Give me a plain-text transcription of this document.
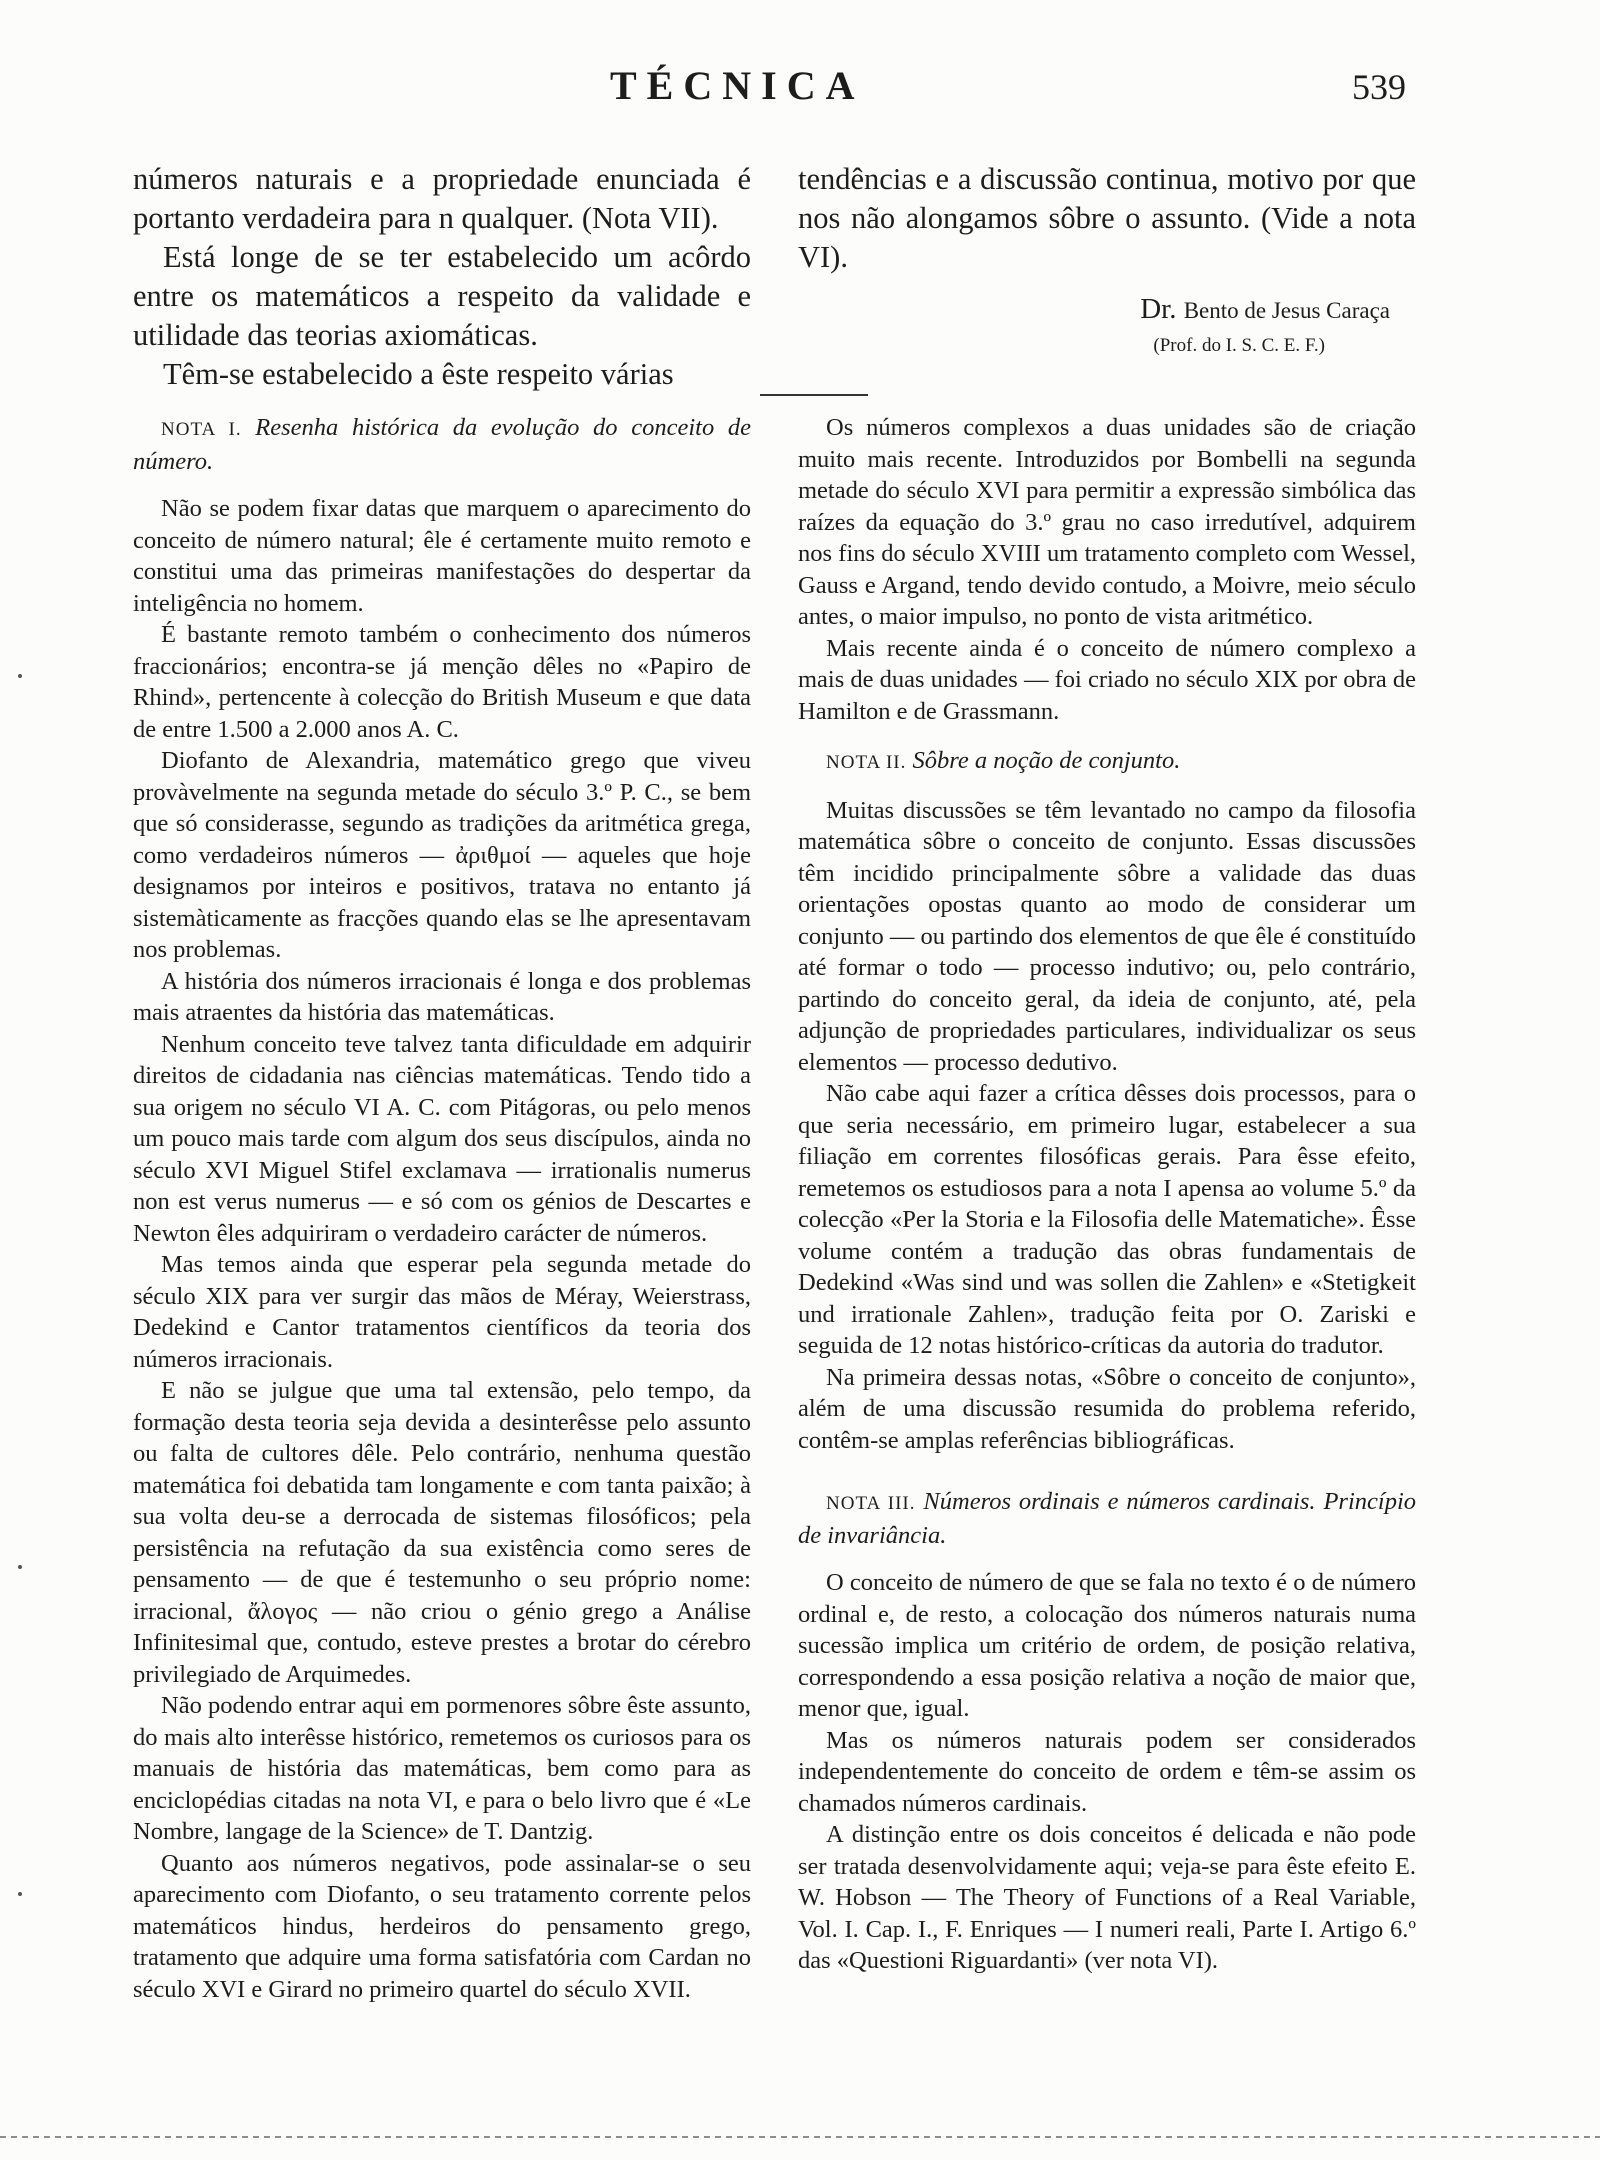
TÉCNICA	539

números naturais e a propriedade enunciada é portanto verdadeira para n qualquer. (Nota VII).

Está longe de se ter estabelecido um acôrdo entre os matemáticos a respeito da validade e utilidade das teorias axiomáticas.

Têm-se estabelecido a êste respeito várias

tendências e a discussão continua, motivo por que nos não alongamos sôbre o assunto. (Vide a nota VI).

Dr. Bento de Jesus Caraça
(Prof. do I. S. C. E. F.)

NOTA I. Resenha histórica da evolução do conceito de número.

Não se podem fixar datas que marquem o aparecimento do conceito de número natural; êle é certamente muito remoto e constitui uma das primeiras manifestações do despertar da inteligência no homem.

É bastante remoto também o conhecimento dos números fraccionários; encontra-se já menção dêles no «Papiro de Rhind», pertencente à colecção do British Museum e que data de entre 1.500 a 2.000 anos A. C.

Diofanto de Alexandria, matemático grego que viveu provàvelmente na segunda metade do século 3.º P. C., se bem que só considerasse, segundo as tradições da aritmética grega, como verdadeiros números — ἀριθμοί — aqueles que hoje designamos por inteiros e positivos, tratava no entanto já sistemàticamente as fracções quando elas se lhe apresentavam nos problemas.

A história dos números irracionais é longa e dos problemas mais atraentes da história das matemáticas.

Nenhum conceito teve talvez tanta dificuldade em adquirir direitos de cidadania nas ciências matemáticas. Tendo tido a sua origem no século VI A. C. com Pitágoras, ou pelo menos um pouco mais tarde com algum dos seus discípulos, ainda no século XVI Miguel Stifel exclamava — irrationalis numerus non est verus numerus — e só com os génios de Descartes e Newton êles adquiriram o verdadeiro carácter de números.

Mas temos ainda que esperar pela segunda metade do século XIX para ver surgir das mãos de Méray, Weierstrass, Dedekind e Cantor tratamentos científicos da teoria dos números irracionais.

E não se julgue que uma tal extensão, pelo tempo, da formação desta teoria seja devida a desinterêsse pelo assunto ou falta de cultores dêle. Pelo contrário, nenhuma questão matemática foi debatida tam longamente e com tanta paixão; à sua volta deu-se a derrocada de sistemas filosóficos; pela persistência na refutação da sua existência como seres de pensamento — de que é testemunho o seu próprio nome: irracional, ἄλογος — não criou o génio grego a Análise Infinitesimal que, contudo, esteve prestes a brotar do cérebro privilegiado de Arquimedes.

Não podendo entrar aqui em pormenores sôbre êste assunto, do mais alto interêsse histórico, remetemos os curiosos para os manuais de história das matemáticas, bem como para as enciclopédias citadas na nota VI, e para o belo livro que é «Le Nombre, langage de la Science» de T. Dantzig.

Quanto aos números negativos, pode assinalar-se o seu aparecimento com Diofanto, o seu tratamento corrente pelos matemáticos hindus, herdeiros do pensamento grego, tratamento que adquire uma forma satisfatória com Cardan no século XVI e Girard no primeiro quartel do século XVII.

Os números complexos a duas unidades são de criação muito mais recente. Introduzidos por Bombelli na segunda metade do século XVI para permitir a expressão simbólica das raízes da equação do 3.º grau no caso irredutível, adquirem nos fins do século XVIII um tratamento completo com Wessel, Gauss e Argand, tendo devido contudo, a Moivre, meio século antes, o maior impulso, no ponto de vista aritmético.

Mais recente ainda é o conceito de número complexo a mais de duas unidades — foi criado no século XIX por obra de Hamilton e de Grassmann.

NOTA II. Sôbre a noção de conjunto.

Muitas discussões se têm levantado no campo da filosofia matemática sôbre o conceito de conjunto. Essas discussões têm incidido principalmente sôbre a validade das duas orientações opostas quanto ao modo de considerar um conjunto — ou partindo dos elementos de que êle é constituído até formar o todo — processo indutivo; ou, pelo contrário, partindo do conceito geral, da ideia de conjunto, até, pela adjunção de propriedades particulares, individualizar os seus elementos — processo dedutivo.

Não cabe aqui fazer a crítica dêsses dois processos, para o que seria necessário, em primeiro lugar, estabelecer a sua filiação em correntes filosóficas gerais. Para êsse efeito, remetemos os estudiosos para a nota I apensa ao volume 5.º da colecção «Per la Storia e la Filosofia delle Matematiche». Êsse volume contém a tradução das obras fundamentais de Dedekind «Was sind und was sollen die Zahlen» e «Stetigkeit und irrationale Zahlen», tradução feita por O. Zariski e seguida de 12 notas histórico-críticas da autoria do tradutor.

Na primeira dessas notas, «Sôbre o conceito de conjunto», além de uma discussão resumida do problema referido, contêm-se amplas referências bibliográficas.

NOTA III. Números ordinais e números cardinais. Princípio de invariância.

O conceito de número de que se fala no texto é o de número ordinal e, de resto, a colocação dos números naturais numa sucessão implica um critério de ordem, de posição relativa, correspondendo a essa posição relativa a noção de maior que, menor que, igual.

Mas os números naturais podem ser considerados independentemente do conceito de ordem e têm-se assim os chamados números cardinais.

A distinção entre os dois conceitos é delicada e não pode ser tratada desenvolvidamente aqui; veja-se para êste efeito E. W. Hobson — The Theory of Functions of a Real Variable, Vol. I. Cap. I., F. Enriques — I numeri reali, Parte I. Artigo 6.º das «Questioni Riguardanti» (ver nota VI).
